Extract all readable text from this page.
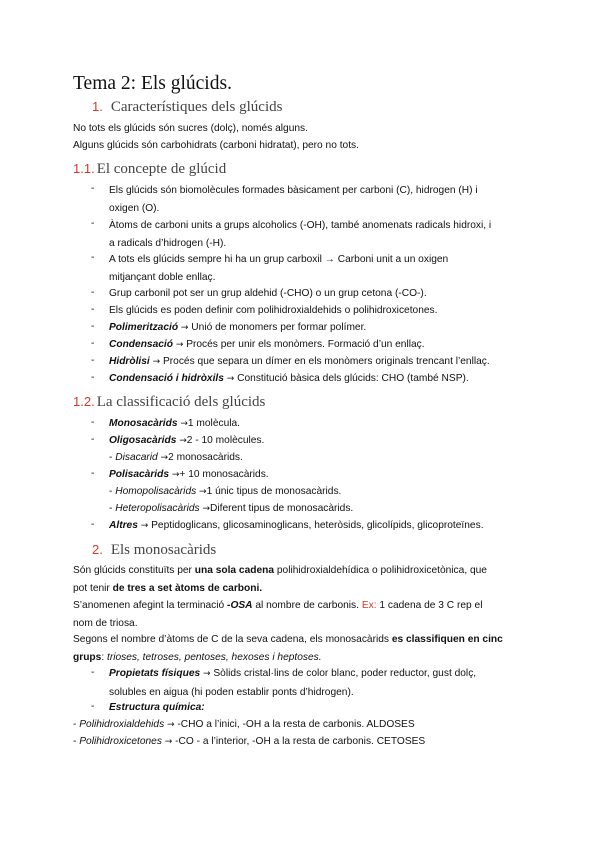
Tema 2: Els glúcids.
1. Característiques dels glúcids
No tots els glúcids són sucres (dolç), només alguns.
Alguns glúcids són carbohidrats (carboni hidratat), pero no tots.
1.1. El concepte de glúcid
- Els glúcids són biomolècules formades bàsicament per carboni (C), hidrogen (H) i
oxigen (O).
- Àtoms de carboni units a grups alcoholics (-OH), també anomenats radicals hidroxi, i
a radicals d’hidrogen (-H).
- A tots els glúcids sempre hi ha un grup carboxil → Carboni unit a un oxigen
mitjançant doble enllaç.
- Grup carbonil pot ser un grup aldehid (-CHO) o un grup cetona (-CO-).
- Els glúcids es poden definir com polihidroxialdehids o polihidroxicetones.
- Polimerització → Unió de monomers per formar polímer.
- Condensació → Procés per unir els monòmers. Formació d’un enllaç.
- Hidròlisi → Procés que separa un dímer en els monòmers originals trencant l’enllaç.
- Condensació i hidròxils → Constitució bàsica dels glúcids: CHO (també NSP).
1.2. La classificació dels glúcids
- Monosacàrids →1 molècula.
- Oligosacàrids →2 - 10 molècules.
- Disacarid →2 monosacàrids.
- Polisacàrids →+ 10 monosacàrids.
- Homopolisacàrids →1 únic tipus de monosacàrids.
- Heteropolisacàrids →Diferent tipus de monosacàrids.
- Altres → Peptidoglicans, glicosaminoglicans, heteròsids, glicolípids, glicoproteïnes.
2. Els monosacàrids
Són glúcids constituïts per una sola cadena polihidroxialdehídica o polihidroxicetònica, que
pot tenir de tres a set àtoms de carboni.
S’anomenen afegint la terminació -OSA al nombre de carbonis. Ex: 1 cadena de 3 C rep el
nom de triosa.
Segons el nombre d’àtoms de C de la seva cadena, els monosacàrids es classifiquen en cinc
grups: trioses, tetroses, pentoses, hexoses i heptoses.
- Propietats físiques → Sòlids cristal·lins de color blanc, poder reductor, gust dolç,
solubles en aigua (hi poden establir ponts d’hidrogen).
- Estructura química:
- Polihidroxialdehids → -CHO a l’inici, -OH a la resta de carbonis. ALDOSES
- Polihidroxicetones → -CO - a l’interior, -OH a la resta de carbonis. CETOSES
